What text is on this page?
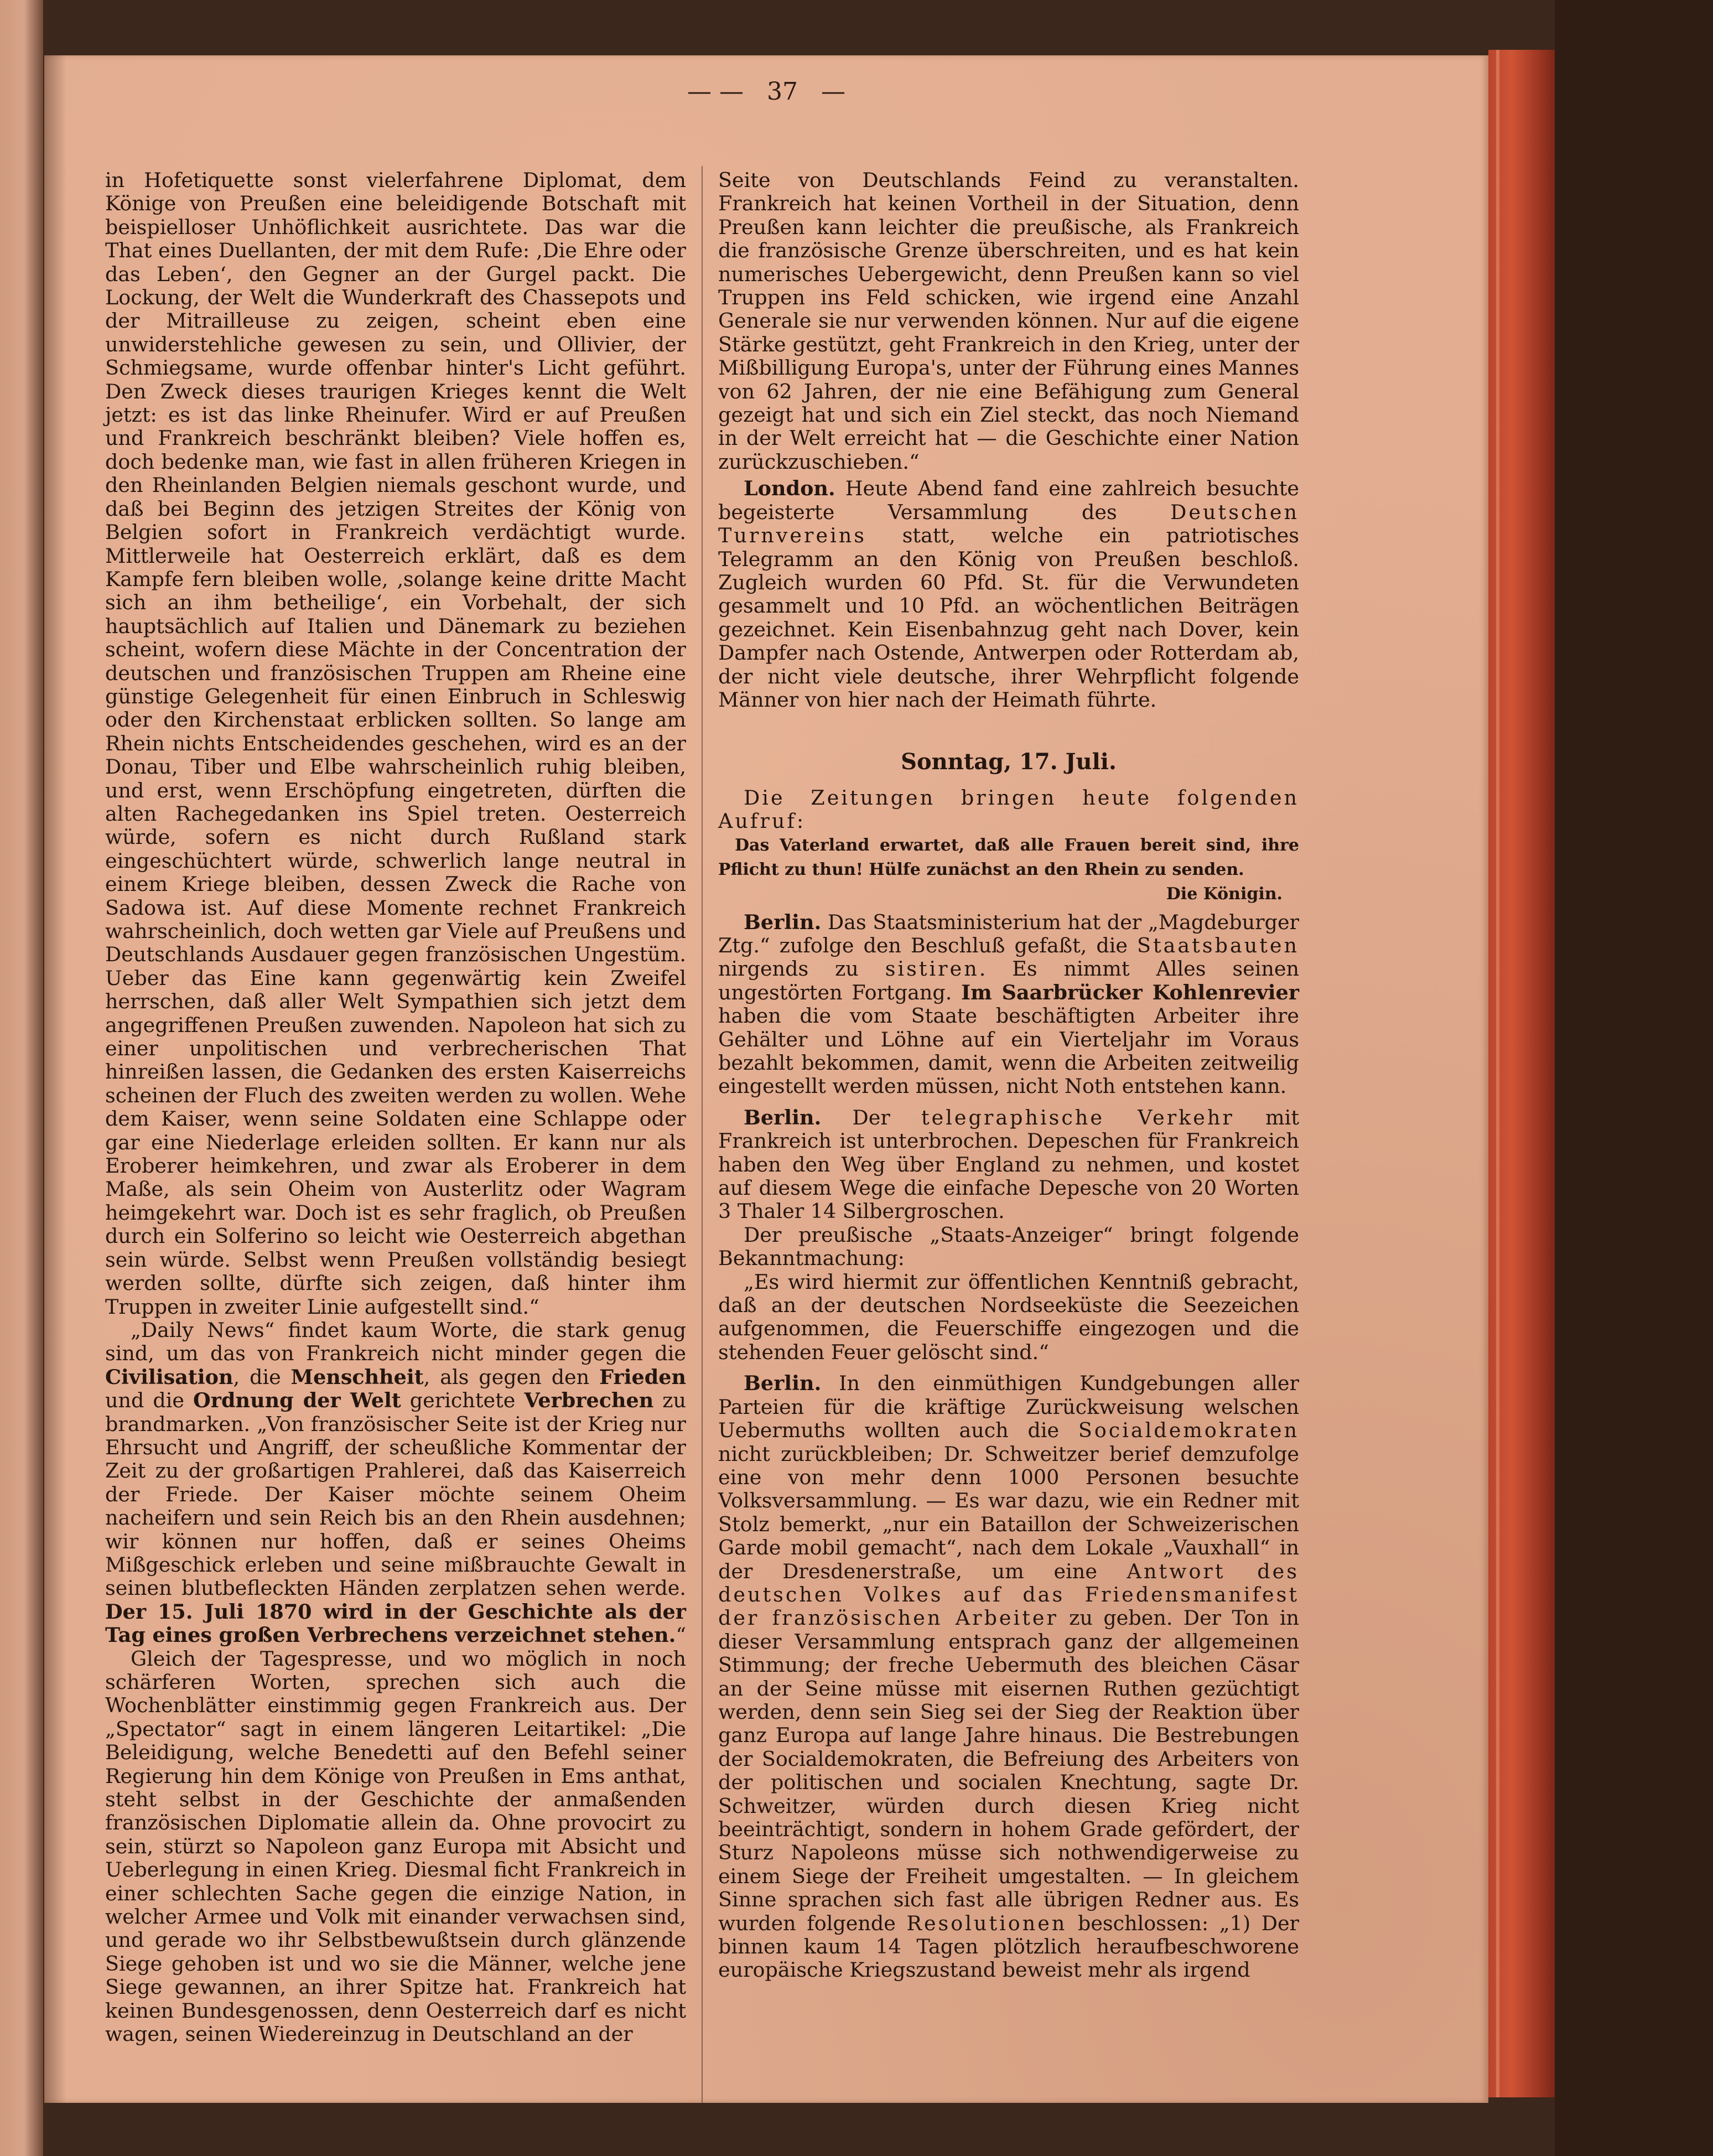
— — 37 —

in Hofetiquette sonst vielerfahrene Diplomat, dem Könige von Preußen eine beleidigende Botschaft mit beispielloser Unhöflichkeit ausrichtete. Das war die That eines Duellanten, der mit dem Rufe: ‚Die Ehre oder das Leben‘, den Gegner an der Gurgel packt. Die Lockung, der Welt die Wunderkraft des Chassepots und der Mitrailleuse zu zeigen, scheint eben eine unwiderstehliche gewesen zu sein, und Ollivier, der Schmiegsame, wurde offenbar hinter's Licht geführt. Den Zweck dieses traurigen Krieges kennt die Welt jetzt: es ist das linke Rheinufer. Wird er auf Preußen und Frankreich beschränkt bleiben? Viele hoffen es, doch bedenke man, wie fast in allen früheren Kriegen in den Rheinlanden Belgien niemals geschont wurde, und daß bei Beginn des jetzigen Streites der König von Belgien sofort in Frankreich verdächtigt wurde. Mittlerweile hat Oesterreich erklärt, daß es dem Kampfe fern bleiben wolle, ‚solange keine dritte Macht sich an ihm betheilige‘, ein Vorbehalt, der sich hauptsächlich auf Italien und Dänemark zu beziehen scheint, wofern diese Mächte in der Concentration der deutschen und französischen Truppen am Rheine eine günstige Gelegenheit für einen Einbruch in Schleswig oder den Kirchenstaat erblicken sollten. So lange am Rhein nichts Entscheidendes geschehen, wird es an der Donau, Tiber und Elbe wahrscheinlich ruhig bleiben, und erst, wenn Erschöpfung eingetreten, dürften die alten Rachegedanken ins Spiel treten. Oesterreich würde, sofern es nicht durch Rußland stark eingeschüchtert würde, schwerlich lange neutral in einem Kriege bleiben, dessen Zweck die Rache von Sadowa ist. Auf diese Momente rechnet Frankreich wahrscheinlich, doch wetten gar Viele auf Preußens und Deutschlands Ausdauer gegen französischen Ungestüm. Ueber das Eine kann gegenwärtig kein Zweifel herrschen, daß aller Welt Sympathien sich jetzt dem angegriffenen Preußen zuwenden. Napoleon hat sich zu einer unpolitischen und verbrecherischen That hinreißen lassen, die Gedanken des ersten Kaiserreichs scheinen der Fluch des zweiten werden zu wollen. Wehe dem Kaiser, wenn seine Soldaten eine Schlappe oder gar eine Niederlage erleiden sollten. Er kann nur als Eroberer heimkehren, und zwar als Eroberer in dem Maße, als sein Oheim von Austerlitz oder Wagram heimgekehrt war. Doch ist es sehr fraglich, ob Preußen durch ein Solferino so leicht wie Oesterreich abgethan sein würde. Selbst wenn Preußen vollständig besiegt werden sollte, dürfte sich zeigen, daß hinter ihm Truppen in zweiter Linie aufgestellt sind.“

„Daily News“ findet kaum Worte, die stark genug sind, um das von Frankreich nicht minder gegen die Civilisation, die Menschheit, als gegen den Frieden und die Ordnung der Welt gerichtete Verbrechen zu brandmarken. „Von französischer Seite ist der Krieg nur Ehrsucht und Angriff, der scheußliche Kommentar der Zeit zu der großartigen Prahlerei, daß das Kaiserreich der Friede. Der Kaiser möchte seinem Oheim nacheifern und sein Reich bis an den Rhein ausdehnen; wir können nur hoffen, daß er seines Oheims Mißgeschick erleben und seine mißbrauchte Gewalt in seinen blutbefleckten Händen zerplatzen sehen werde. Der 15. Juli 1870 wird in der Geschichte als der Tag eines großen Verbrechens verzeichnet stehen.“

Gleich der Tagespresse, und wo möglich in noch schärferen Worten, sprechen sich auch die Wochenblätter einstimmig gegen Frankreich aus. Der „Spectator“ sagt in einem längeren Leitartikel: „Die Beleidigung, welche Benedetti auf den Befehl seiner Regierung hin dem Könige von Preußen in Ems anthat, steht selbst in der Geschichte der anmaßenden französischen Diplomatie allein da. Ohne provocirt zu sein, stürzt so Napoleon ganz Europa mit Absicht und Ueberlegung in einen Krieg. Diesmal ficht Frankreich in einer schlechten Sache gegen die einzige Nation, in welcher Armee und Volk mit einander verwachsen sind, und gerade wo ihr Selbstbewußtsein durch glänzende Siege gehoben ist und wo sie die Männer, welche jene Siege gewannen, an ihrer Spitze hat. Frankreich hat keinen Bundesgenossen, denn Oesterreich darf es nicht wagen, seinen Wiedereinzug in Deutschland an der

Seite von Deutschlands Feind zu veranstalten. Frankreich hat keinen Vortheil in der Situation, denn Preußen kann leichter die preußische, als Frankreich die französische Grenze überschreiten, und es hat kein numerisches Uebergewicht, denn Preußen kann so viel Truppen ins Feld schicken, wie irgend eine Anzahl Generale sie nur verwenden können. Nur auf die eigene Stärke gestützt, geht Frankreich in den Krieg, unter der Mißbilligung Europa's, unter der Führung eines Mannes von 62 Jahren, der nie eine Befähigung zum General gezeigt hat und sich ein Ziel steckt, das noch Niemand in der Welt erreicht hat — die Geschichte einer Nation zurückzuschieben.“

London. Heute Abend fand eine zahlreich besuchte begeisterte Versammlung des Deutschen Turnvereins statt, welche ein patriotisches Telegramm an den König von Preußen beschloß. Zugleich wurden 60 Pfd. St. für die Verwundeten gesammelt und 10 Pfd. an wöchentlichen Beiträgen gezeichnet. Kein Eisenbahnzug geht nach Dover, kein Dampfer nach Ostende, Antwerpen oder Rotterdam ab, der nicht viele deutsche, ihrer Wehrpflicht folgende Männer von hier nach der Heimath führte.

Sonntag, 17. Juli.

Die Zeitungen bringen heute folgenden Aufruf:

Das Vaterland erwartet, daß alle Frauen bereit sind, ihre Pflicht zu thun! Hülfe zunächst an den Rhein zu senden.

Die Königin.

Berlin. Das Staatsministerium hat der „Magdeburger Ztg.“ zufolge den Beschluß gefaßt, die Staatsbauten nirgends zu sistiren. Es nimmt Alles seinen ungestörten Fortgang. Im Saarbrücker Kohlenrevier haben die vom Staate beschäftigten Arbeiter ihre Gehälter und Löhne auf ein Vierteljahr im Voraus bezahlt bekommen, damit, wenn die Arbeiten zeitweilig eingestellt werden müssen, nicht Noth entstehen kann.

Berlin. Der telegraphische Verkehr mit Frankreich ist unterbrochen. Depeschen für Frankreich haben den Weg über England zu nehmen, und kostet auf diesem Wege die einfache Depesche von 20 Worten 3 Thaler 14 Silbergroschen.

Der preußische „Staats-Anzeiger“ bringt folgende Bekanntmachung:

„Es wird hiermit zur öffentlichen Kenntniß gebracht, daß an der deutschen Nordseeküste die Seezeichen aufgenommen, die Feuerschiffe eingezogen und die stehenden Feuer gelöscht sind.“

Berlin. In den einmüthigen Kundgebungen aller Parteien für die kräftige Zurückweisung welschen Uebermuths wollten auch die Socialdemokraten nicht zurückbleiben; Dr. Schweitzer berief demzufolge eine von mehr denn 1000 Personen besuchte Volksversammlung. — Es war dazu, wie ein Redner mit Stolz bemerkt, „nur ein Bataillon der Schweizerischen Garde mobil gemacht“, nach dem Lokale „Vauxhall“ in der Dresdenerstraße, um eine Antwort des deutschen Volkes auf das Friedensmanifest der französischen Arbeiter zu geben. Der Ton in dieser Versammlung entsprach ganz der allgemeinen Stimmung; der freche Uebermuth des bleichen Cäsar an der Seine müsse mit eisernen Ruthen gezüchtigt werden, denn sein Sieg sei der Sieg der Reaktion über ganz Europa auf lange Jahre hinaus. Die Bestrebungen der Socialdemokraten, die Befreiung des Arbeiters von der politischen und socialen Knechtung, sagte Dr. Schweitzer, würden durch diesen Krieg nicht beeinträchtigt, sondern in hohem Grade gefördert, der Sturz Napoleons müsse sich nothwendigerweise zu einem Siege der Freiheit umgestalten. — In gleichem Sinne sprachen sich fast alle übrigen Redner aus. Es wurden folgende Resolutionen beschlossen: „1) Der binnen kaum 14 Tagen plötzlich heraufbeschworene europäische Kriegszustand beweist mehr als irgend
